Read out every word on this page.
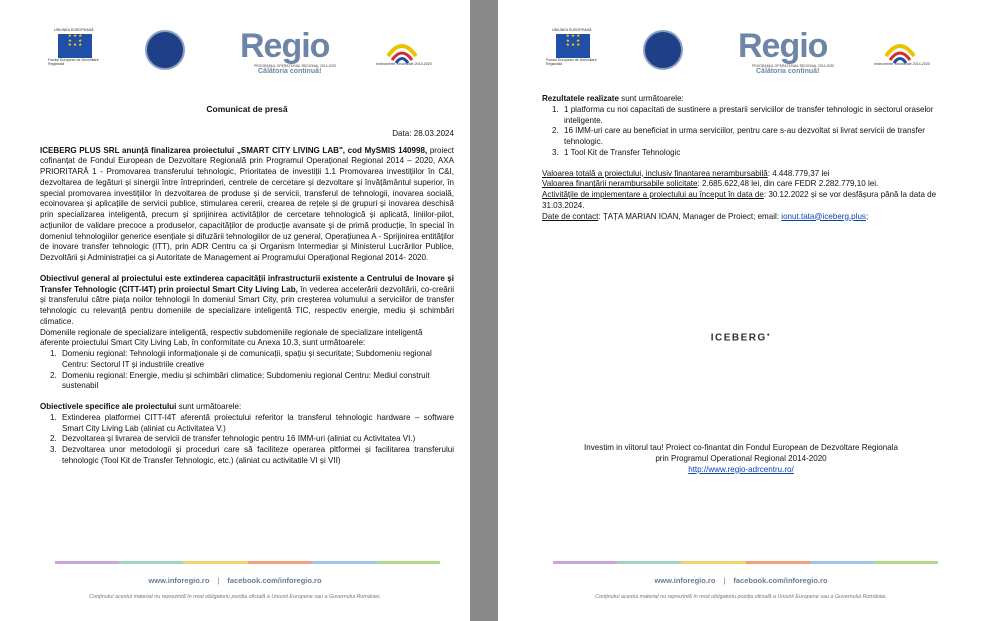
UNIUNEA EUROPEANĂ
★ ★ ★
★     ★
★ ★ ★
Fondul European de Dezvoltare Regională	Regio
PROGRAMUL OPERAȚIONAL REGIONAL 2014-2020
Călătoria continuă!
Instrumente Structurale 2014-2020
Comunicat de presă
Data: 28.03.2024

ICEBERG PLUS SRL anunță finalizarea proiectului „SMART CITY LIVING LAB", cod MySMIS 140998, proiect cofinanțat de Fondul European de Dezvoltare Regională prin Programul Operațional Regional 2014 – 2020, AXA PRIORITARĂ 1 - Promovarea transferului tehnologic, Prioritatea de investiții 1.1 Promovarea investițiilor în C&I, dezvoltarea de legături și sinergii între întreprinderi, centrele de cercetare și dezvoltare și învățământul superior, în special promovarea investițiilor în dezvoltarea de produse și de servicii, transferul de tehnologii, inovarea socială, ecoinovarea și aplicațiile de servicii publice, stimularea cererii, crearea de rețele și de grupuri și inovarea deschisă prin specializarea inteligentă, precum și sprijinirea activităților de cercetare tehnologică și aplicată, liniilor-pilot, acțiunilor de validare precoce a produselor, capacităților de producție avansate și de primă producție, în special în domeniul tehnologiilor generice esențiale și difuzării tehnologiilor de uz general, Operațiunea A - Sprijinirea entităților de inovare transfer tehnologic (ITT), prin ADR Centru ca și Organism Intermediar și Ministerul Lucrărilor Publice, Dezvoltării și Administrației ca și Autoritate de Management ai Programului Operațional Regional 2014- 2020.

Obiectivul general al proiectului este extinderea capacității infrastructurii existente a Centrului de Inovare și Transfer Tehnologic (CITT-I4T) prin proiectul Smart City Living Lab, în vederea accelerării dezvoltării, co-creării și transferului către piața noilor tehnologii în domeniul Smart City, prin creșterea volumului a serviciilor de transfer tehnologic cu relevanță pentru domeniile de specializare inteligentă TIC, respectiv energie, mediu și schimbări climatice.

Domeniile regionale de specializare inteligentă, respectiv subdomeniile regionale de specializare inteligentă aferente proiectului Smart City Living Lab, în conformitate cu Anexa 10.3, sunt următoarele:

1. Domeniu regional: Tehnologii informaționale și de comunicații, spațiu și securitate; Subdomeniu regional Centru: Sectorul IT și industriile creative
2. Domeniu regional: Energie, mediu și schimbări climatice; Subdomeniu regional Centru: Mediul construit sustenabil

Obiectivele specifice ale proiectului sunt următoarele:

1. Extinderea platformei CITT-I4T aferentă proiectului referitor la transferul tehnologic hardware – software Smart City Living Lab (aliniat cu Activitatea V.)
2. Dezvoltarea și livrarea de servicii de transfer tehnologic pentru 16 IMM-uri (aliniat cu Activitatea VI.)
3. Dezvoltarea unor metodologii și proceduri care să faciliteze operarea pltformei și facilitarea transferului tehnologic (Tool Kit de Transfer Tehnologic, etc.) (aliniat cu activitatile VI și VII)
www.inforegio.ro | facebook.com/inforegio.ro
Conținutul acestui material nu reprezintă în mod obligatoriu poziția oficială a Uniunii Europene sau a Guvernului României.
UNIUNEA EUROPEANĂ
★ ★ ★
★     ★
★ ★ ★
Fondul European de Dezvoltare Regională	Regio
PROGRAMUL OPERAȚIONAL REGIONAL 2014-2020
Călătoria continuă!
Instrumente Structurale 2014-2020

Rezultatele realizate sunt următoarele:

1. 1 platforma cu noi capacitati de sustinere a prestarii serviciilor de transfer tehnologic in sectorul oraselor inteligente.
2. 16 IMM-uri care au beneficiat in urma serviciilor, pentru care s-au dezvoltat si livrat servicii de transfer tehnologic.
3. 1 Tool Kit de Transfer Tehnologic

Valoarea totală a proiectului, inclusiv finantarea nerambursabilă: 4.448.779,37 lei

Valoarea finanțării nerambursabile solicitate: 2.685.622,48 lei, din care FEDR 2.282.779,10 lei.

Activitățile de implementare a proiectului au început în data de: 30.12.2022 și se vor desfășura până la data de 31.03.2024.

Date de contact: ȚAȚA MARIAN IOAN, Manager de Proiect; email: ionut.tata@iceberg.plus;

ICEBERG●
Investim in viitorul tau! Proiect co-finantat din Fondul European de Dezvoltare Regionala
prin Programul Operational Regional 2014-2020
http://www.regio-adrcentru.ro/
www.inforegio.ro | facebook.com/inforegio.ro
Conținutul acestui material nu reprezintă în mod obligatoriu poziția oficială a Uniunii Europene sau a Guvernului României.
